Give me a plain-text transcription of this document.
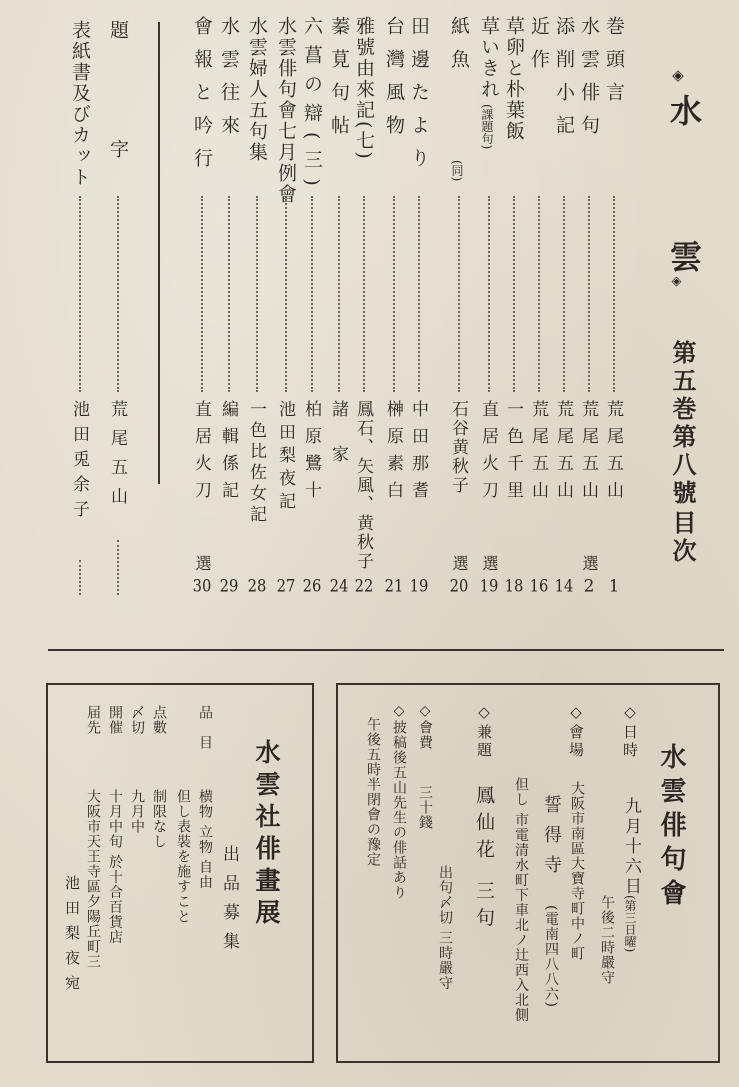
水
◈
雲
◈
第五巻第八號
目次
巻頭言
荒尾五山
1
水雲俳句
荒尾五山
選
2
添削小記
荒尾五山
14
近作
荒尾五山
16
草卵と朴葉飯
一色千里
18
草いきれ
(課題句)
直居火刀
選
19
紙魚
(同)
石谷黄秋子
選
20
田邊たより
中田那耆
19
台灣風物
榊原素白
21
雅號由來記(七)
鳳石、矢風、黄秋子
22
蓁莧句帖
諸家
24
六菖の辯(三)
柏原鷺十
26
水雲俳句會七月例會
池田梨夜記
27
水雲婦人五句集
一色比佐女記
28
水雲往來
編輯係記
29
會報と吟行
直居火刀
選
30
題字
荒尾五山
表紙書及びカット
池田兎余子
水雲俳句會
◇日時
九月十六日
(第三日曜)
午後二時嚴守
◇會場
大阪市南區大寶寺町中ノ町
誓得寺
(電南四八八六)
但し 市電清水町下車北ノ辻西入北側
◇兼題
鳳仙花 三句
出句〆切 三時嚴守
◇會費
三十錢
◇披稿後五山先生の俳話あり
午後五時半閉會の豫定
水雲社俳畫展
出品募集
品目
横物 立物 自由
但し表裝を施すこと
点數
制限なし
〆切
九月中
開催
十月中旬 於十合百貨店
届先
大阪市天王寺區夕陽丘町三
池田梨夜宛
